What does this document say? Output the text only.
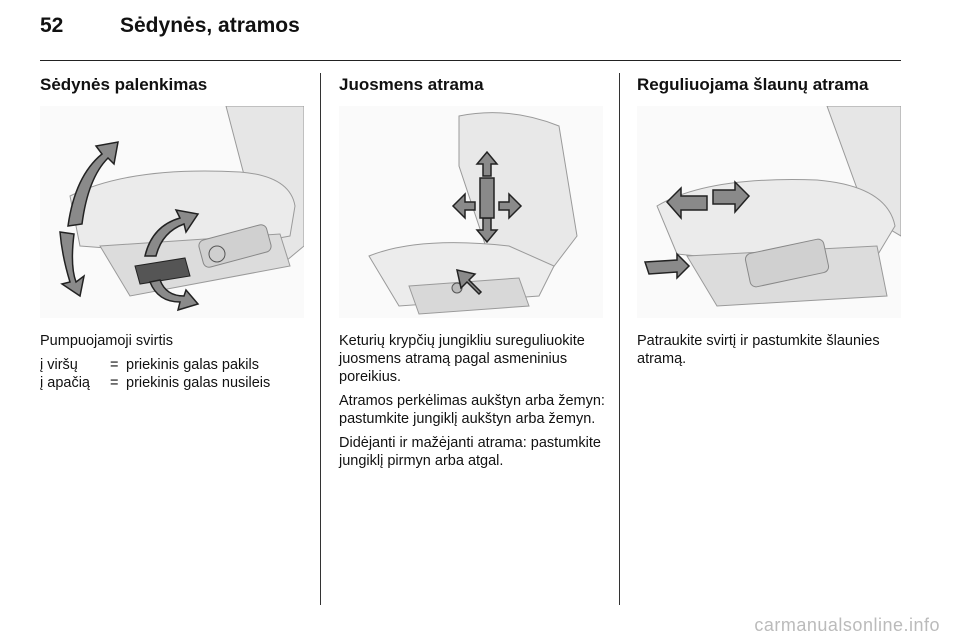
52	Sėdynės, atramos
Sėdynės palenkimas

Pumpuojamoji svirtis

į viršų	= priekinis galas pakils
į apačią	= priekinis galas nusileis
Juosmens atrama

Keturių krypčių jungikliu sureguliuokite juosmens atramą pagal asmeninius poreikius.

Atramos perkėlimas aukštyn arba žemyn: pastumkite jungiklį aukštyn arba žemyn.

Didėjanti ir mažėjanti atrama: pastumkite jungiklį pirmyn arba atgal.

Reguliuojama šlaunų atrama

Patraukite svirtį ir pastumkite šlaunies atramą.

carmanualsonline.info
